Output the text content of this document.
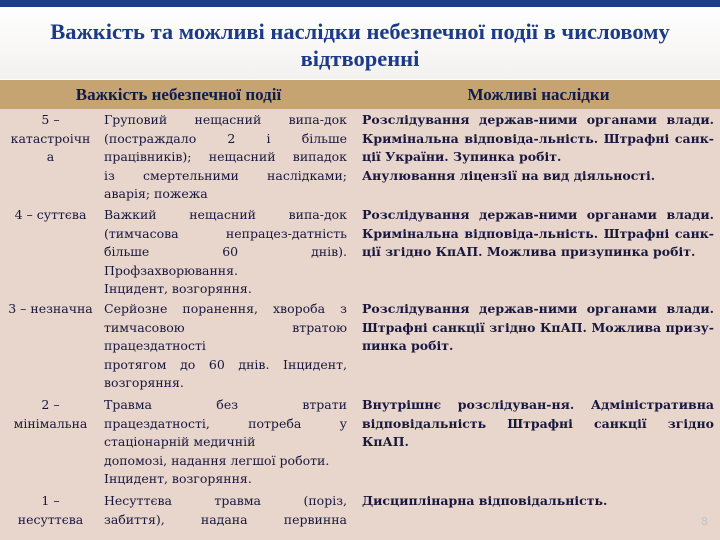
Важкість та можливі наслідки небезпечної події в числовому
відтворенні
Важкість небезпечної події	Можливі наслідки
5 –
катастроічн
а
Груповий нещасний випа-док
(постраждало 2 і більше
працівників); нещасний випадок
із смертельними наслідками;
аварія; пожежа
Розслідування держав-ними органами влади.
Кримінальна відповіда-льність. Штрафні санк-
ції України. Зупинка робіт.
Анулювання ліцензії на вид діяльності.
4 – суттєва	Важкий нещасний випа-док
(тимчасова непрацез-датність
більше 60 днів).
Профзахворювання.
Інцидент, возгоряння.
Розслідування держав-ними органами влади.
Кримінальна відповіда-льність. Штрафні санк-
ції згідно КпАП. Можлива призупинка робіт.
3 – незначна Серйозне поранення, хвороба з
тимчасовою втратою
працездатності
протягом до 60 днів. Інцидент,
возгоряння.
Розслідування держав-ними органами влади.
Штрафні санкції згідно КпАП. Можлива призу-
пинка робіт.
2 –
мінімальна
Травма без втрати
працездатності, потреба у
стаціонарній медичній
допомозі, надання легшої роботи.
Інцидент, возгоряння.
Внутрішнє розслідуван-ня. Адміністративна
відповідальність Штрафні санкції згідно КпАП.
1 –
несуттєва
Несуттєва травма (поріз,
забиття), надана первинна
Дисциплінарна відповідальність.
8
